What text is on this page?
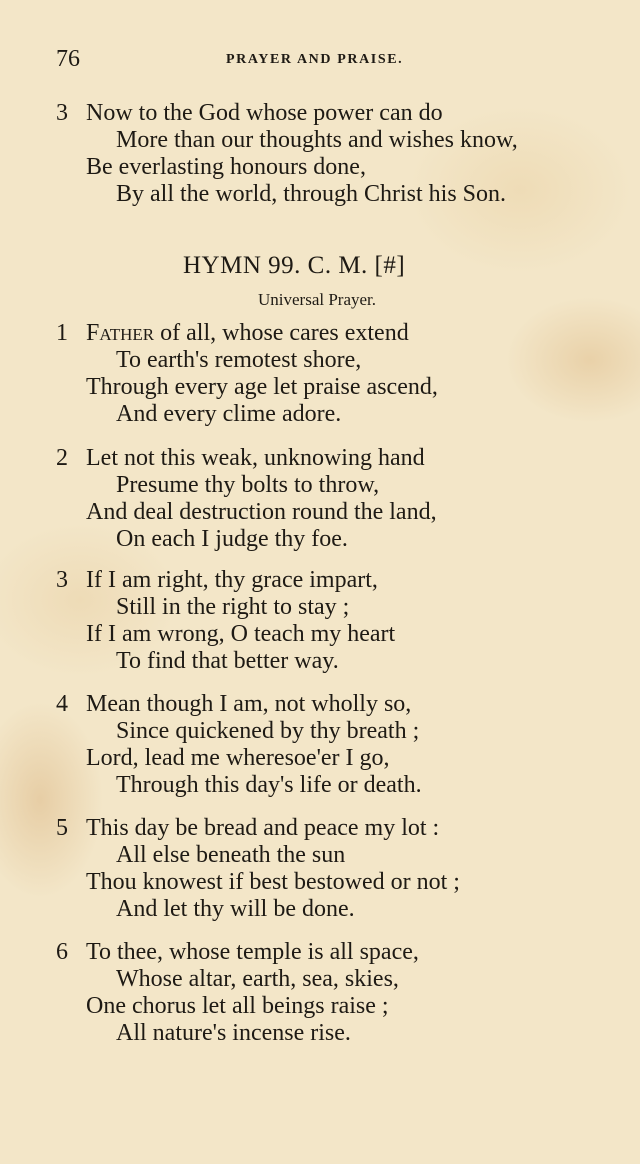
76	PRAYER AND PRAISE.
3 Now to the God whose power can do
More than our thoughts and wishes know,
Be everlasting honours done,
By all the world, through Christ his Son.
HYMN 99. C. M. [#]
Universal Prayer.
1 Father of all, whose cares extend
To earth's remotest shore,
Through every age let praise ascend,
And every clime adore.
2 Let not this weak, unknowing hand
Presume thy bolts to throw,
And deal destruction round the land,
On each I judge thy foe.
3 If I am right, thy grace impart,
Still in the right to stay ;
If I am wrong, O teach my heart
To find that better way.
4 Mean though I am, not wholly so,
Since quickened by thy breath ;
Lord, lead me wheresoe'er I go,
Through this day's life or death.
5 This day be bread and peace my lot :
All else beneath the sun
Thou knowest if best bestowed or not ;
And let thy will be done.
6 To thee, whose temple is all space,
Whose altar, earth, sea, skies,
One chorus let all beings raise ;
All nature's incense rise.
